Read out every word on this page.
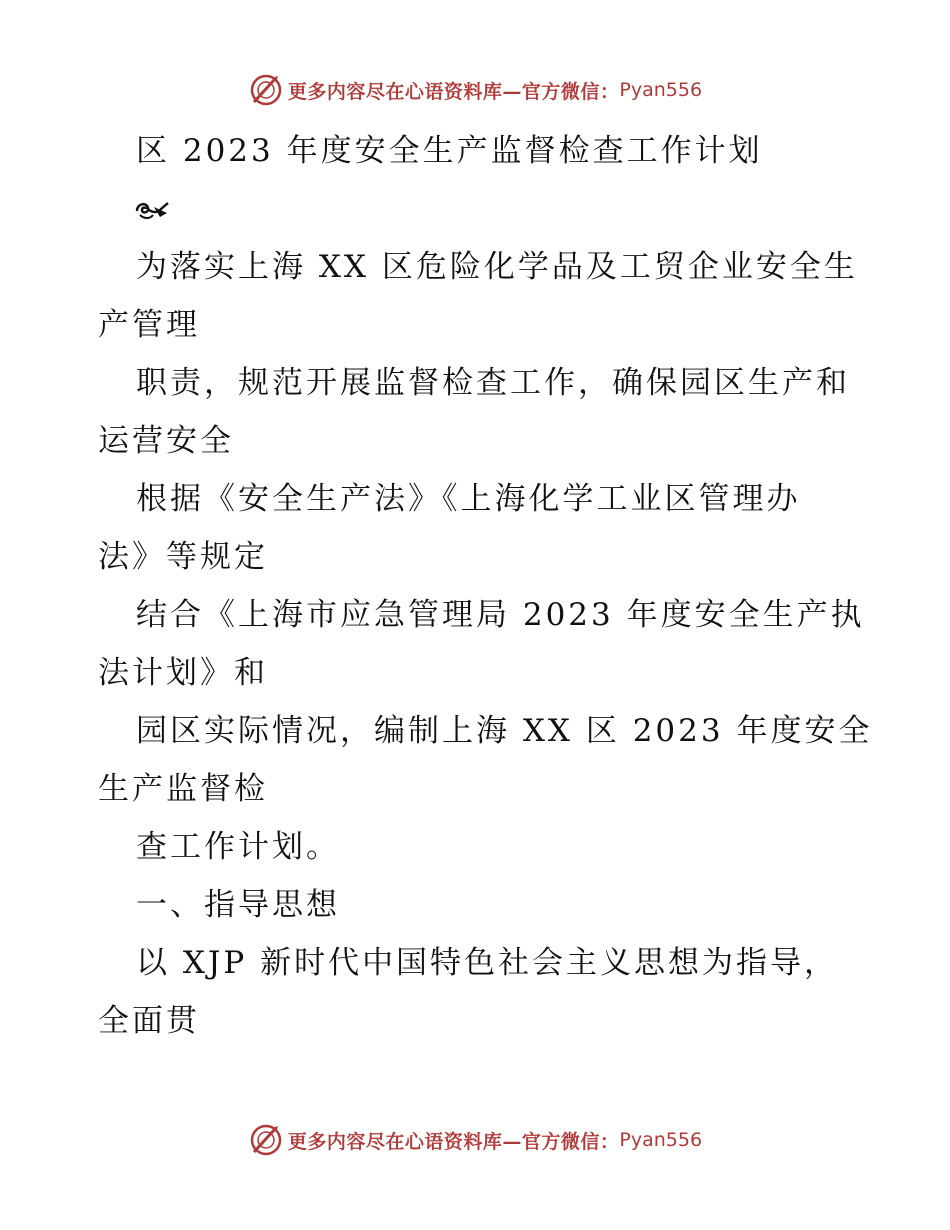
更多内容尽在心语资料库—官方微信： Pyan556
区 2023 年度安全生产监督检查工作计划
为落实上海 XX 区危险化学品及工贸企业安全生
产管理
职责，规范开展监督检查工作，确保园区生产和
运营安全
根据《安全生产法》《上海化学工业区管理办
法》等规定
结合《上海市应急管理局 2023 年度安全生产执
法计划》和
园区实际情况，编制上海 XX 区 2023 年度安全
生产监督检
查工作计划。
一、指导思想
以 XJP 新时代中国特色社会主义思想为指导，
全面贯
更多内容尽在心语资料库—官方微信： Pyan556
